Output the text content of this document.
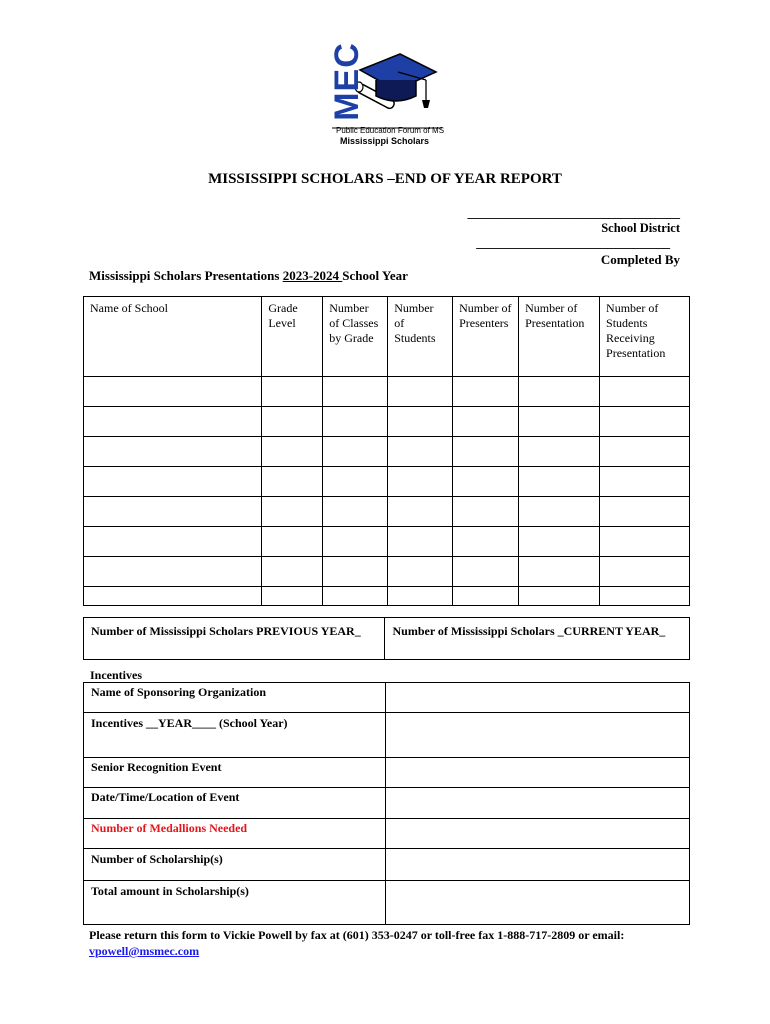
MEC
Public Education Forum of MS
Mississippi Scholars
MISSISSIPPI SCHOLARS –END OF YEAR REPORT
__________________________________
School District
_______________________________
Completed By
Mississippi Scholars Presentations 2023-2024 School Year
Name of School	Grade Level	Number of Classes by Grade	Number of Students	Number of Presenters	Number of Presentation	Number of Students Receiving Presentation

Number of Mississippi Scholars PREVIOUS YEAR_	Number of Mississippi Scholars _CURRENT YEAR_
Incentives
Name of Sponsoring Organization	
Incentives __YEAR____ (School Year)	
Senior Recognition Event	
Date/Time/Location of Event	
Number of Medallions Needed	
Number of Scholarship(s)	
Total amount in Scholarship(s)	
Please return this form to Vickie Powell by fax at (601) 353-0247 or toll-free fax 1-888-717-2809 or email:
vpowell@msmec.com
